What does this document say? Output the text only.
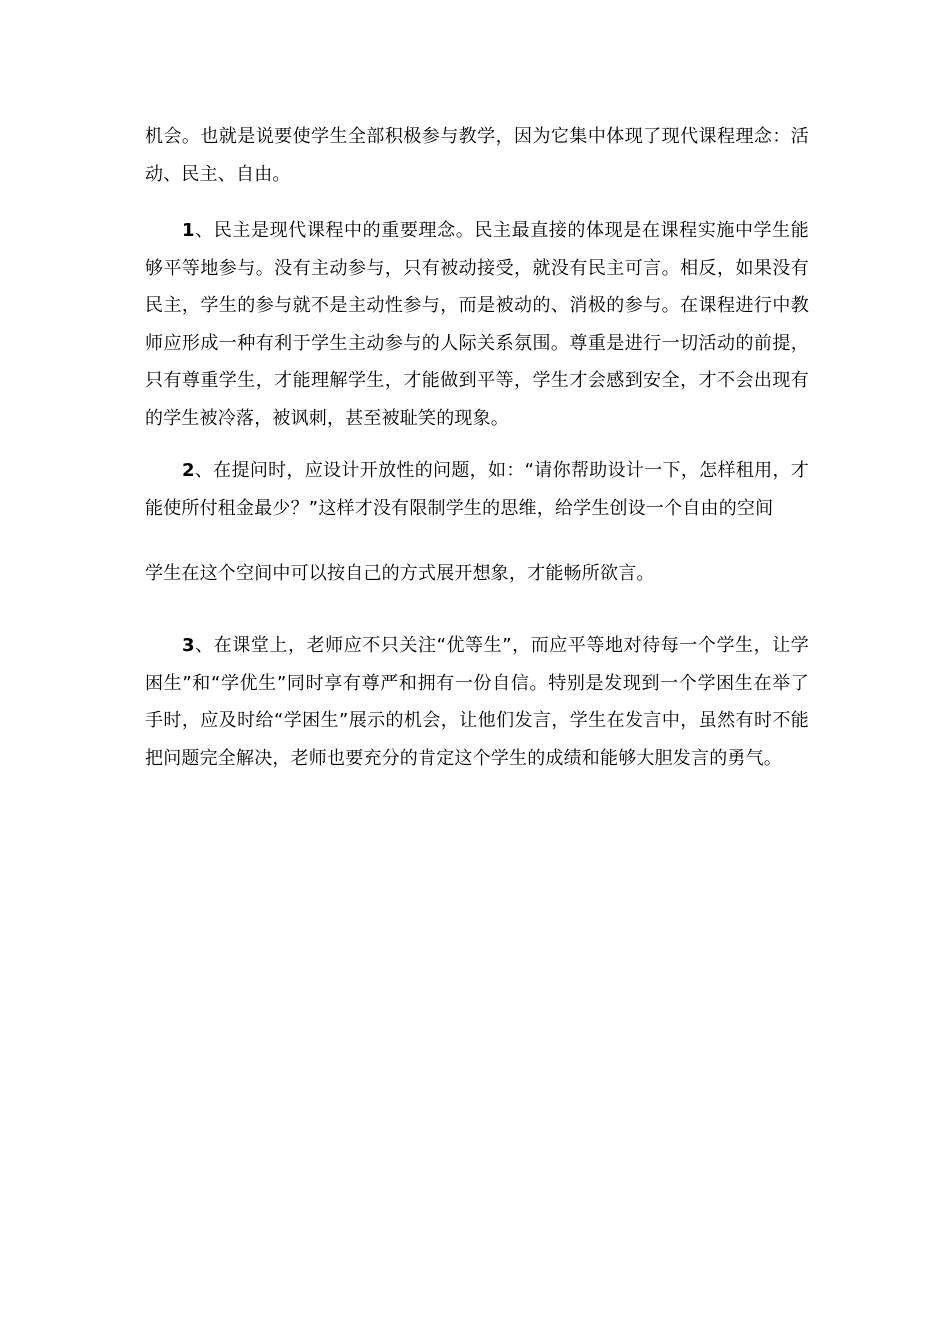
机会。也就是说要使学生全部积极参与教学，因为它集中体现了现代课程理念：活动、民主、自由。

1、民主是现代课程中的重要理念。民主最直接的体现是在课程实施中学生能够平等地参与。没有主动参与，只有被动接受，就没有民主可言。相反，如果没有民主，学生的参与就不是主动性参与，而是被动的、消极的参与。在课程进行中教师应形成一种有利于学生主动参与的人际关系氛围。尊重是进行一切活动的前提，只有尊重学生，才能理解学生，才能做到平等，学生才会感到安全，才不会出现有的学生被冷落，被讽刺，甚至被耻笑的现象。

2、在提问时，应设计开放性的问题，如：“请你帮助设计一下，怎样租用，才能使所付租金最少？”这样才没有限制学生的思维，给学生创设一个自由的空间

学生在这个空间中可以按自己的方式展开想象，才能畅所欲言。

3、在课堂上，老师应不只关注“优等生”，而应平等地对待每一个学生，让学困生”和“学优生”同时享有尊严和拥有一份自信。特别是发现到一个学困生在举了手时，应及时给“学困生”展示的机会，让他们发言，学生在发言中，虽然有时不能把问题完全解决，老师也要充分的肯定这个学生的成绩和能够大胆发言的勇气。
